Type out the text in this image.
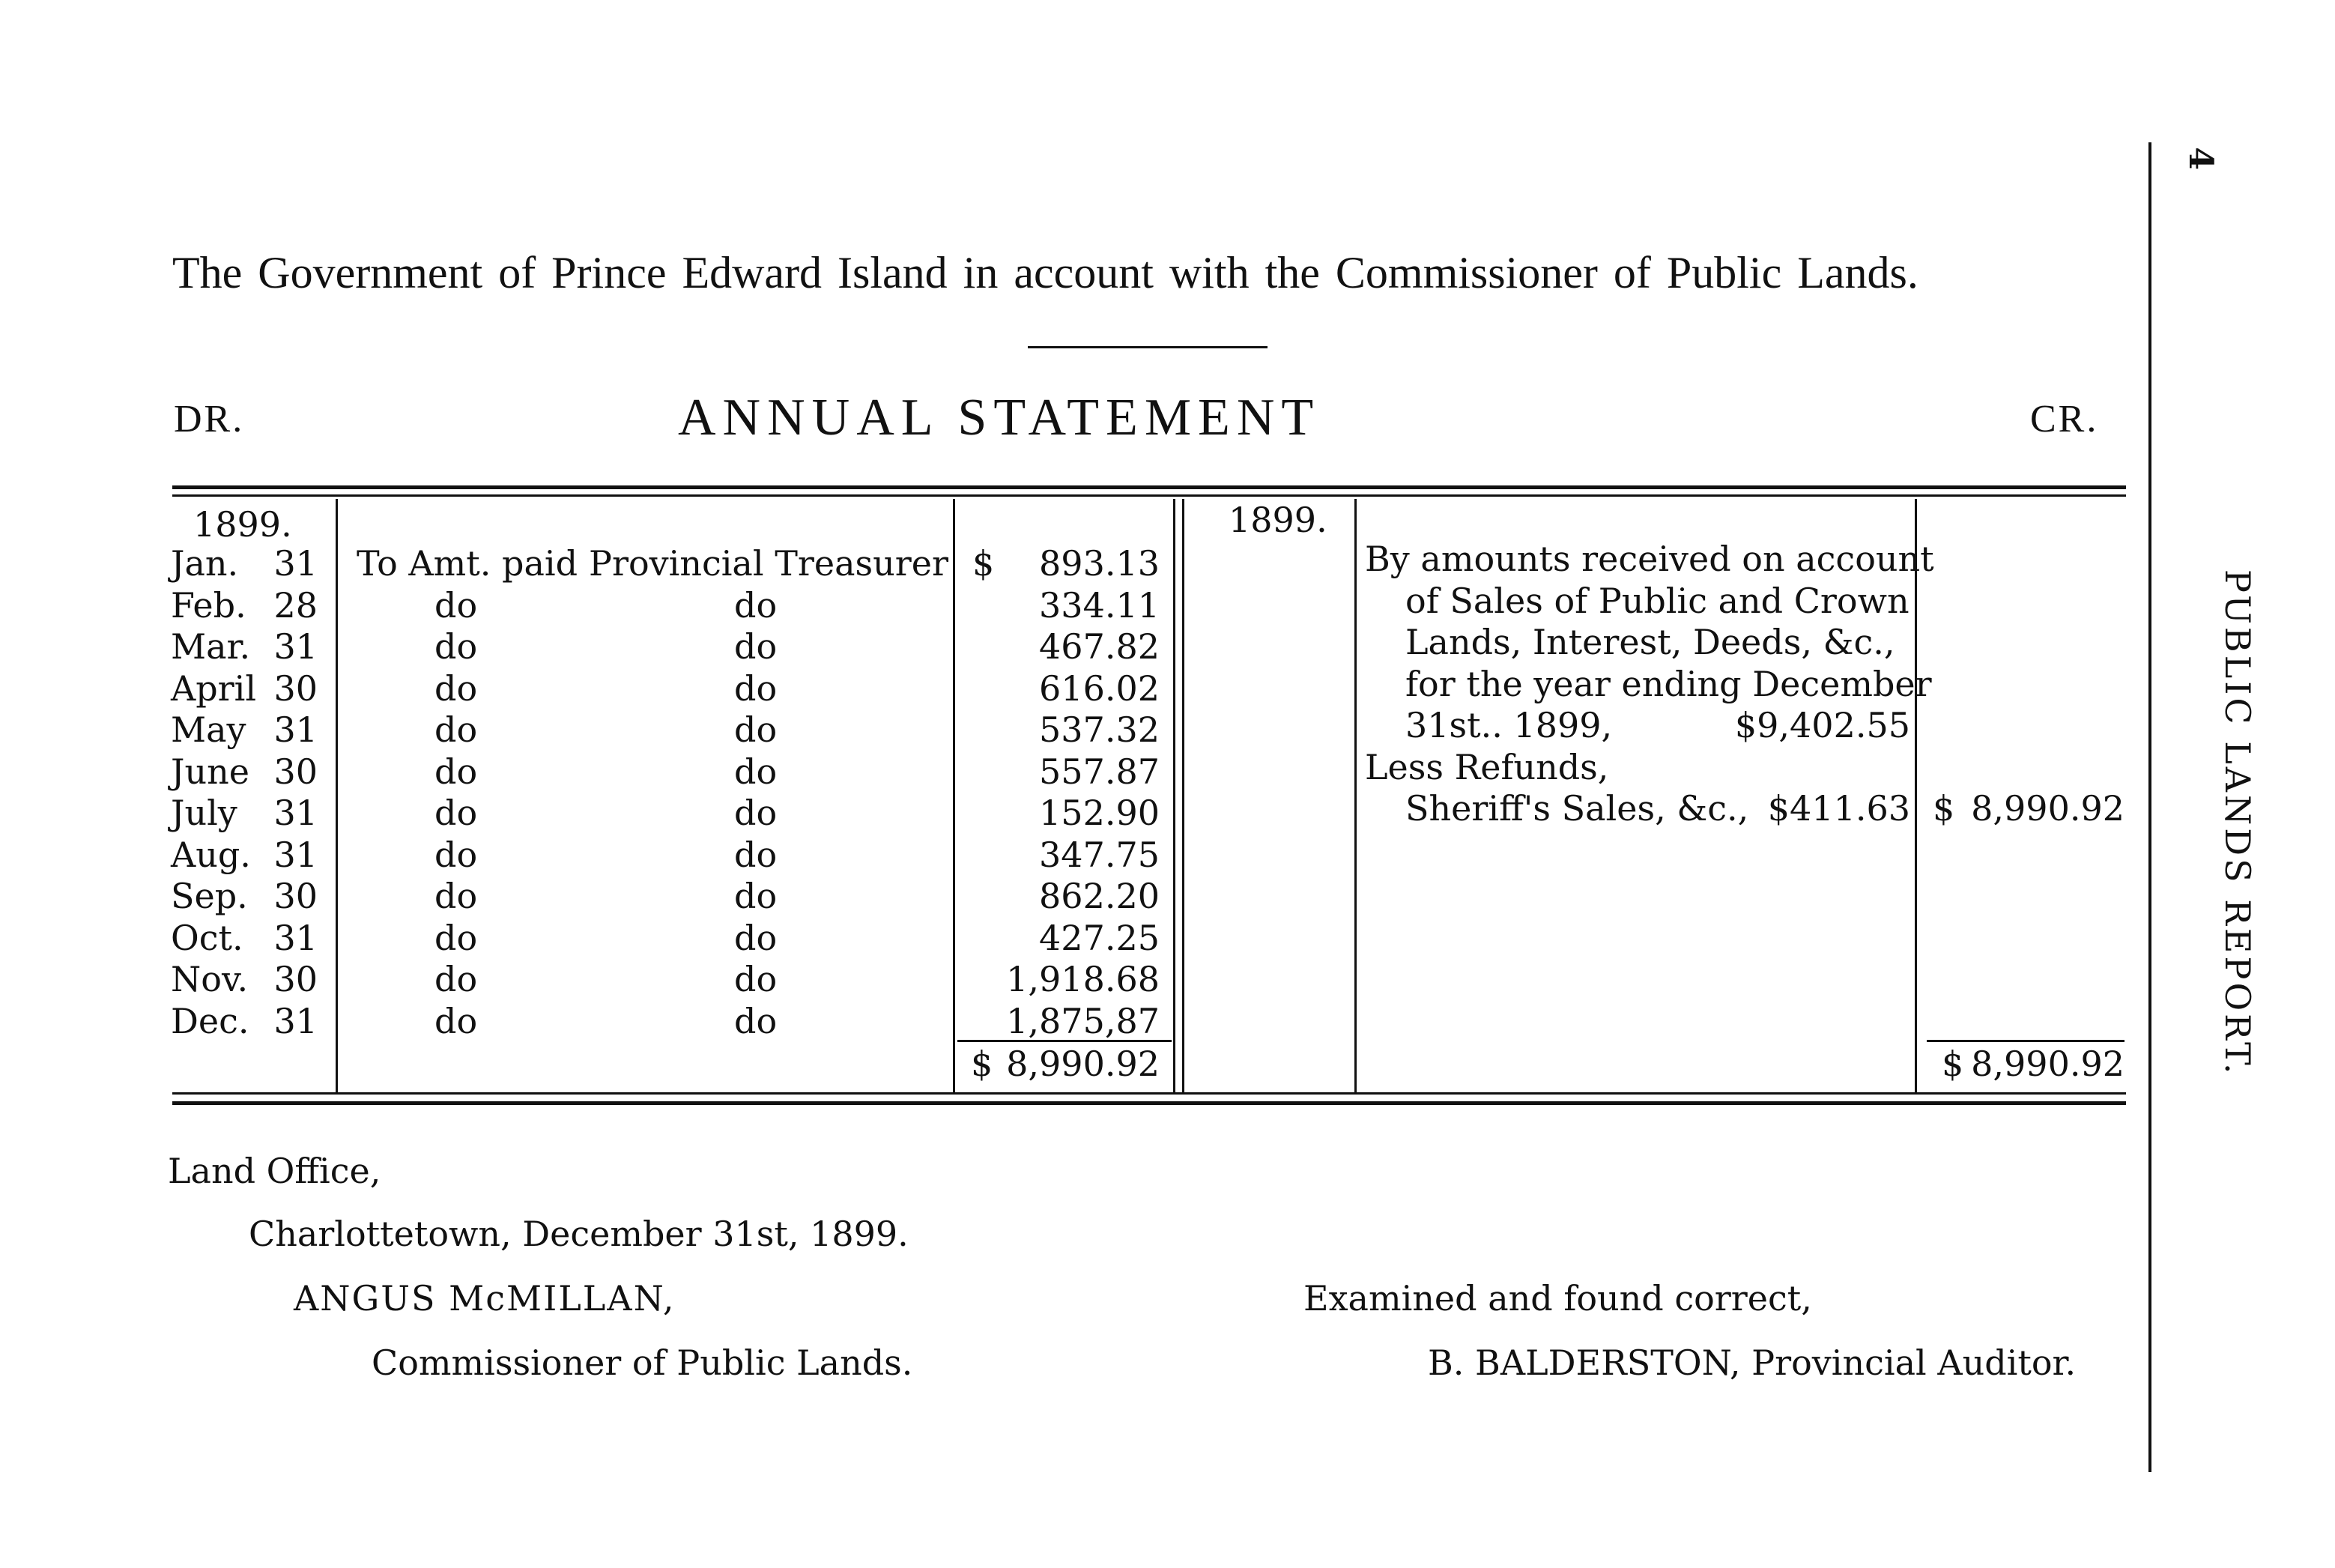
4
PUBLIC LANDS REPORT.
The Government of Prince Edward Island in account with the Commissioner of Public Lands.
DR.	ANNUAL STATEMENT	CR.
1899.
Jan.	31 To Amt. paid Provincial Treasurer $	893.13
Feb. 28	do	do	334.11
Mar. 31	do	do	467.82
April 30	do	do	616.02
May 31	do	do	537.32
June 30	do	do	557.87
July	31	do	do	152.90
Aug. 31	do	do	347.75
Sep. 30	do	do	862.20
Oct. 31	do	do	427.25
Nov. 30	do	do	1,918.68
Dec. 31	do	do	1,875,87
$ 8,990.92
1899.
By amounts received on account
of Sales of Public and Crown
Lands, Interest, Deeds, &c.,
for the year ending December
31st.. 1899,	$9,402.55
Less Refunds,
Sheriff's Sales, &c., $411.63 $ 8,990.92
$ 8,990.92
Land Office,
Charlottetown, December 31st, 1899.
ANGUS McMILLAN,
Commissioner of Public Lands.
Examined and found correct,
B. BALDERSTON, Provincial Auditor.
